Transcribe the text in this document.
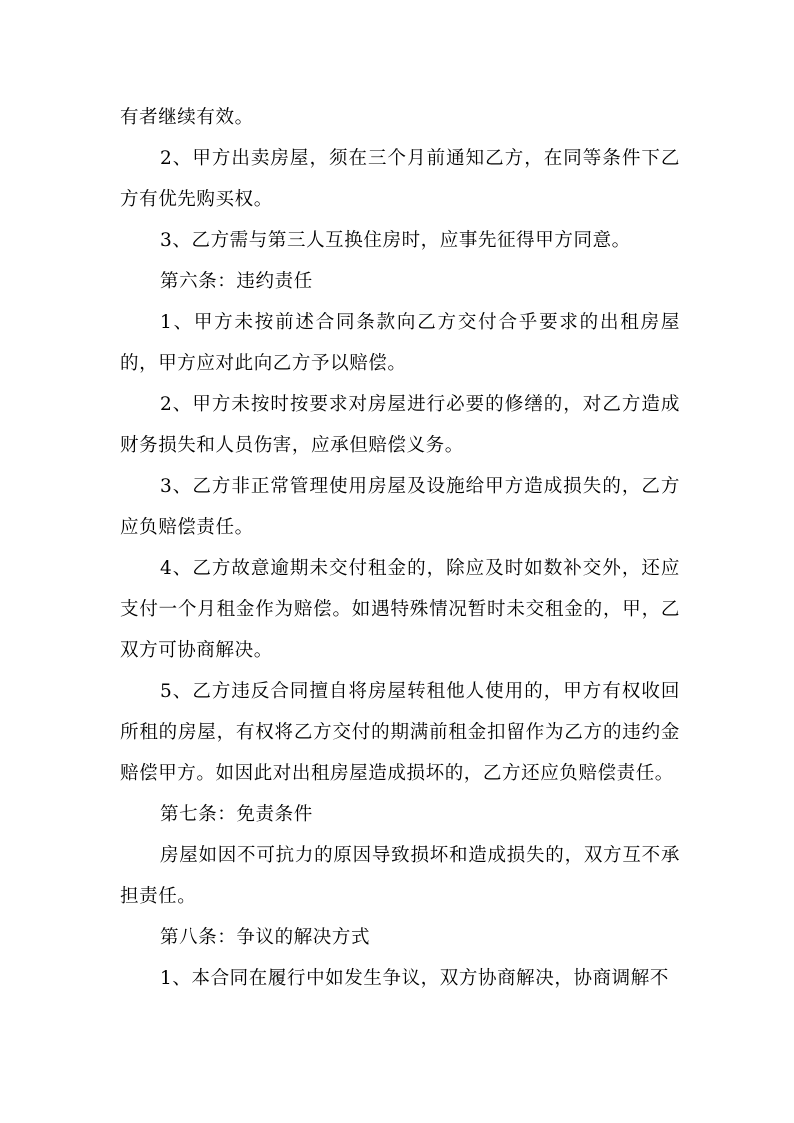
有者继续有效。

2、甲方出卖房屋，须在三个月前通知乙方，在同等条件下乙方有优先购买权。

3、乙方需与第三人互换住房时，应事先征得甲方同意。

第六条：违约责任

1、甲方未按前述合同条款向乙方交付合乎要求的出租房屋的，甲方应对此向乙方予以赔偿。

2、甲方未按时按要求对房屋进行必要的修缮的，对乙方造成财务损失和人员伤害，应承但赔偿义务。

3、乙方非正常管理使用房屋及设施给甲方造成损失的，乙方应负赔偿责任。

4、乙方故意逾期未交付租金的，除应及时如数补交外，还应支付一个月租金作为赔偿。如遇特殊情况暂时未交租金的，甲，乙双方可协商解决。

5、乙方违反合同擅自将房屋转租他人使用的，甲方有权收回所租的房屋，有权将乙方交付的期满前租金扣留作为乙方的违约金赔偿甲方。如因此对出租房屋造成损坏的，乙方还应负赔偿责任。

第七条：免责条件

房屋如因不可抗力的原因导致损坏和造成损失的，双方互不承担责任。

第八条：争议的解决方式

1、本合同在履行中如发生争议，双方协商解决，协商调解不
